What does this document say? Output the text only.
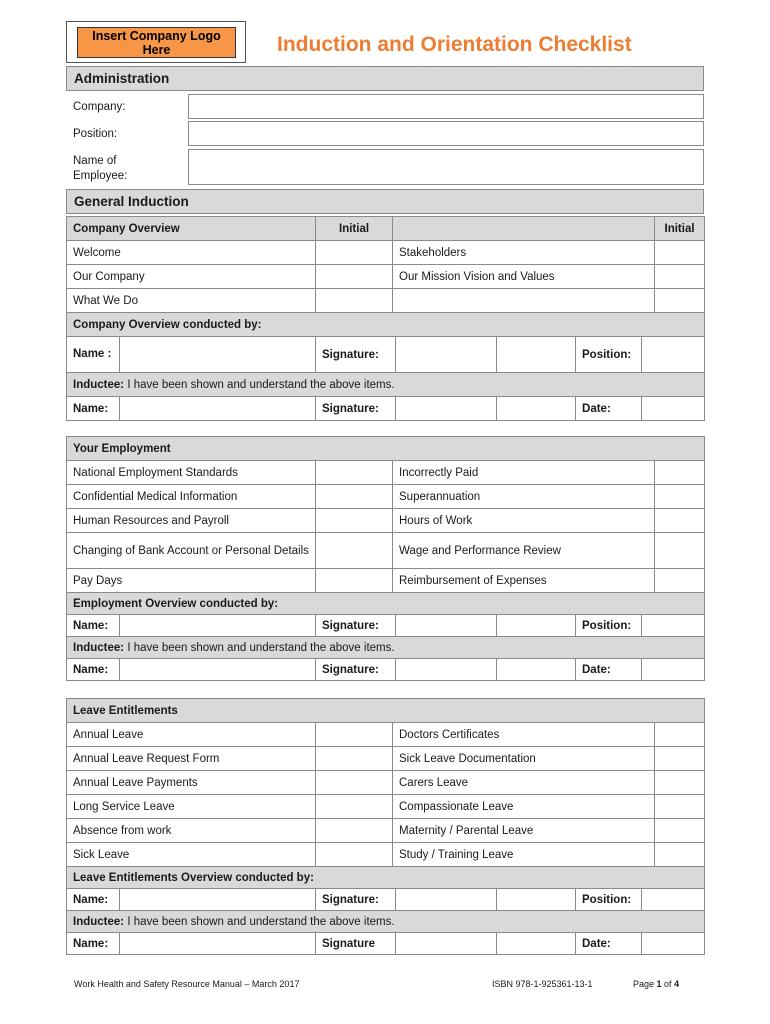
Insert Company Logo Here	Induction and Orientation Checklist
Administration
Company:
Position:
Name of Employee:
General Induction
Company Overview		Initial				Initial
Welcome			Stakeholders			
Our Company			Our Mission Vision and Values			
What We Do						
Company Overview conducted by:						
Name :		Signature:			Position:	

Inductee: I have been shown and understand the above items.						
Name:		Signature:			Date:	
Your Employment						
National Employment Standards			Incorrectly Paid			
Confidential Medical Information			Superannuation			
Human Resources and Payroll			Hours of Work			
Changing of Bank Account or Personal Details			Wage and Performance Review			
Pay Days			Reimbursement of Expenses			
Employment Overview conducted by:						
Name:		Signature:			Position:	

Inductee: I have been shown and understand the above items.						
Name:		Signature:			Date:	
Leave Entitlements						
Annual Leave			Doctors Certificates			
Annual Leave Request Form			Sick Leave Documentation			
Annual Leave Payments			Carers Leave			
Long Service Leave			Compassionate Leave			
Absence from work			Maternity / Parental Leave			
Sick Leave			Study / Training Leave			
Leave Entitlements Overview conducted by:						
Name:		Signature:			Position:	

Inductee: I have been shown and understand the above items.						
Name:		Signature			Date:	
Work Health and Safety Resource Manual – March 2017	ISBN 978-1-925361-13-1	Page 1 of 4
